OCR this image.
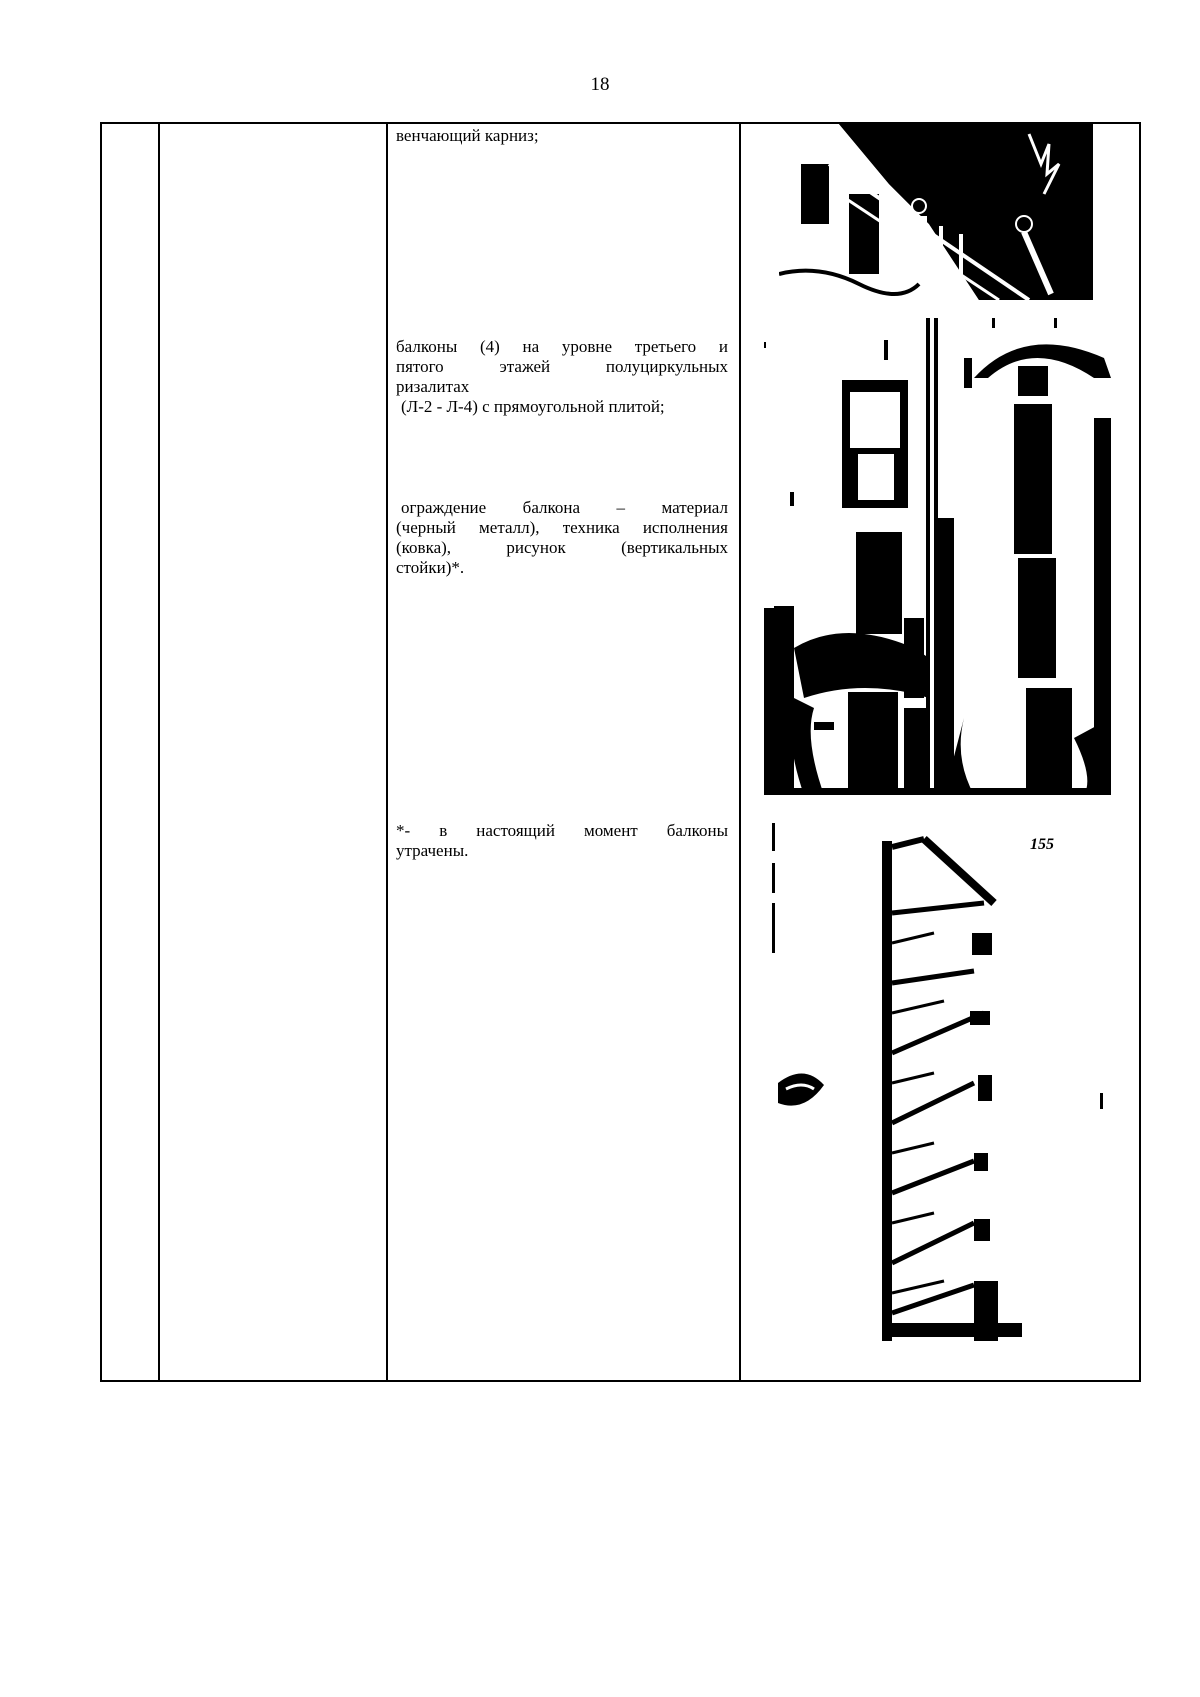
18
венчающий карниз;
балконы (4) на уровне третьего и
пятого этажей полуциркульных
ризалитах
(Л-2 - Л-4) с прямоугольной плитой;
ограждение балкона – материал
(черный металл), техника исполнения
(ковка), рисунок (вертикальных
стойки)*.
*- в настоящий момент балконы
утрачены.	155
